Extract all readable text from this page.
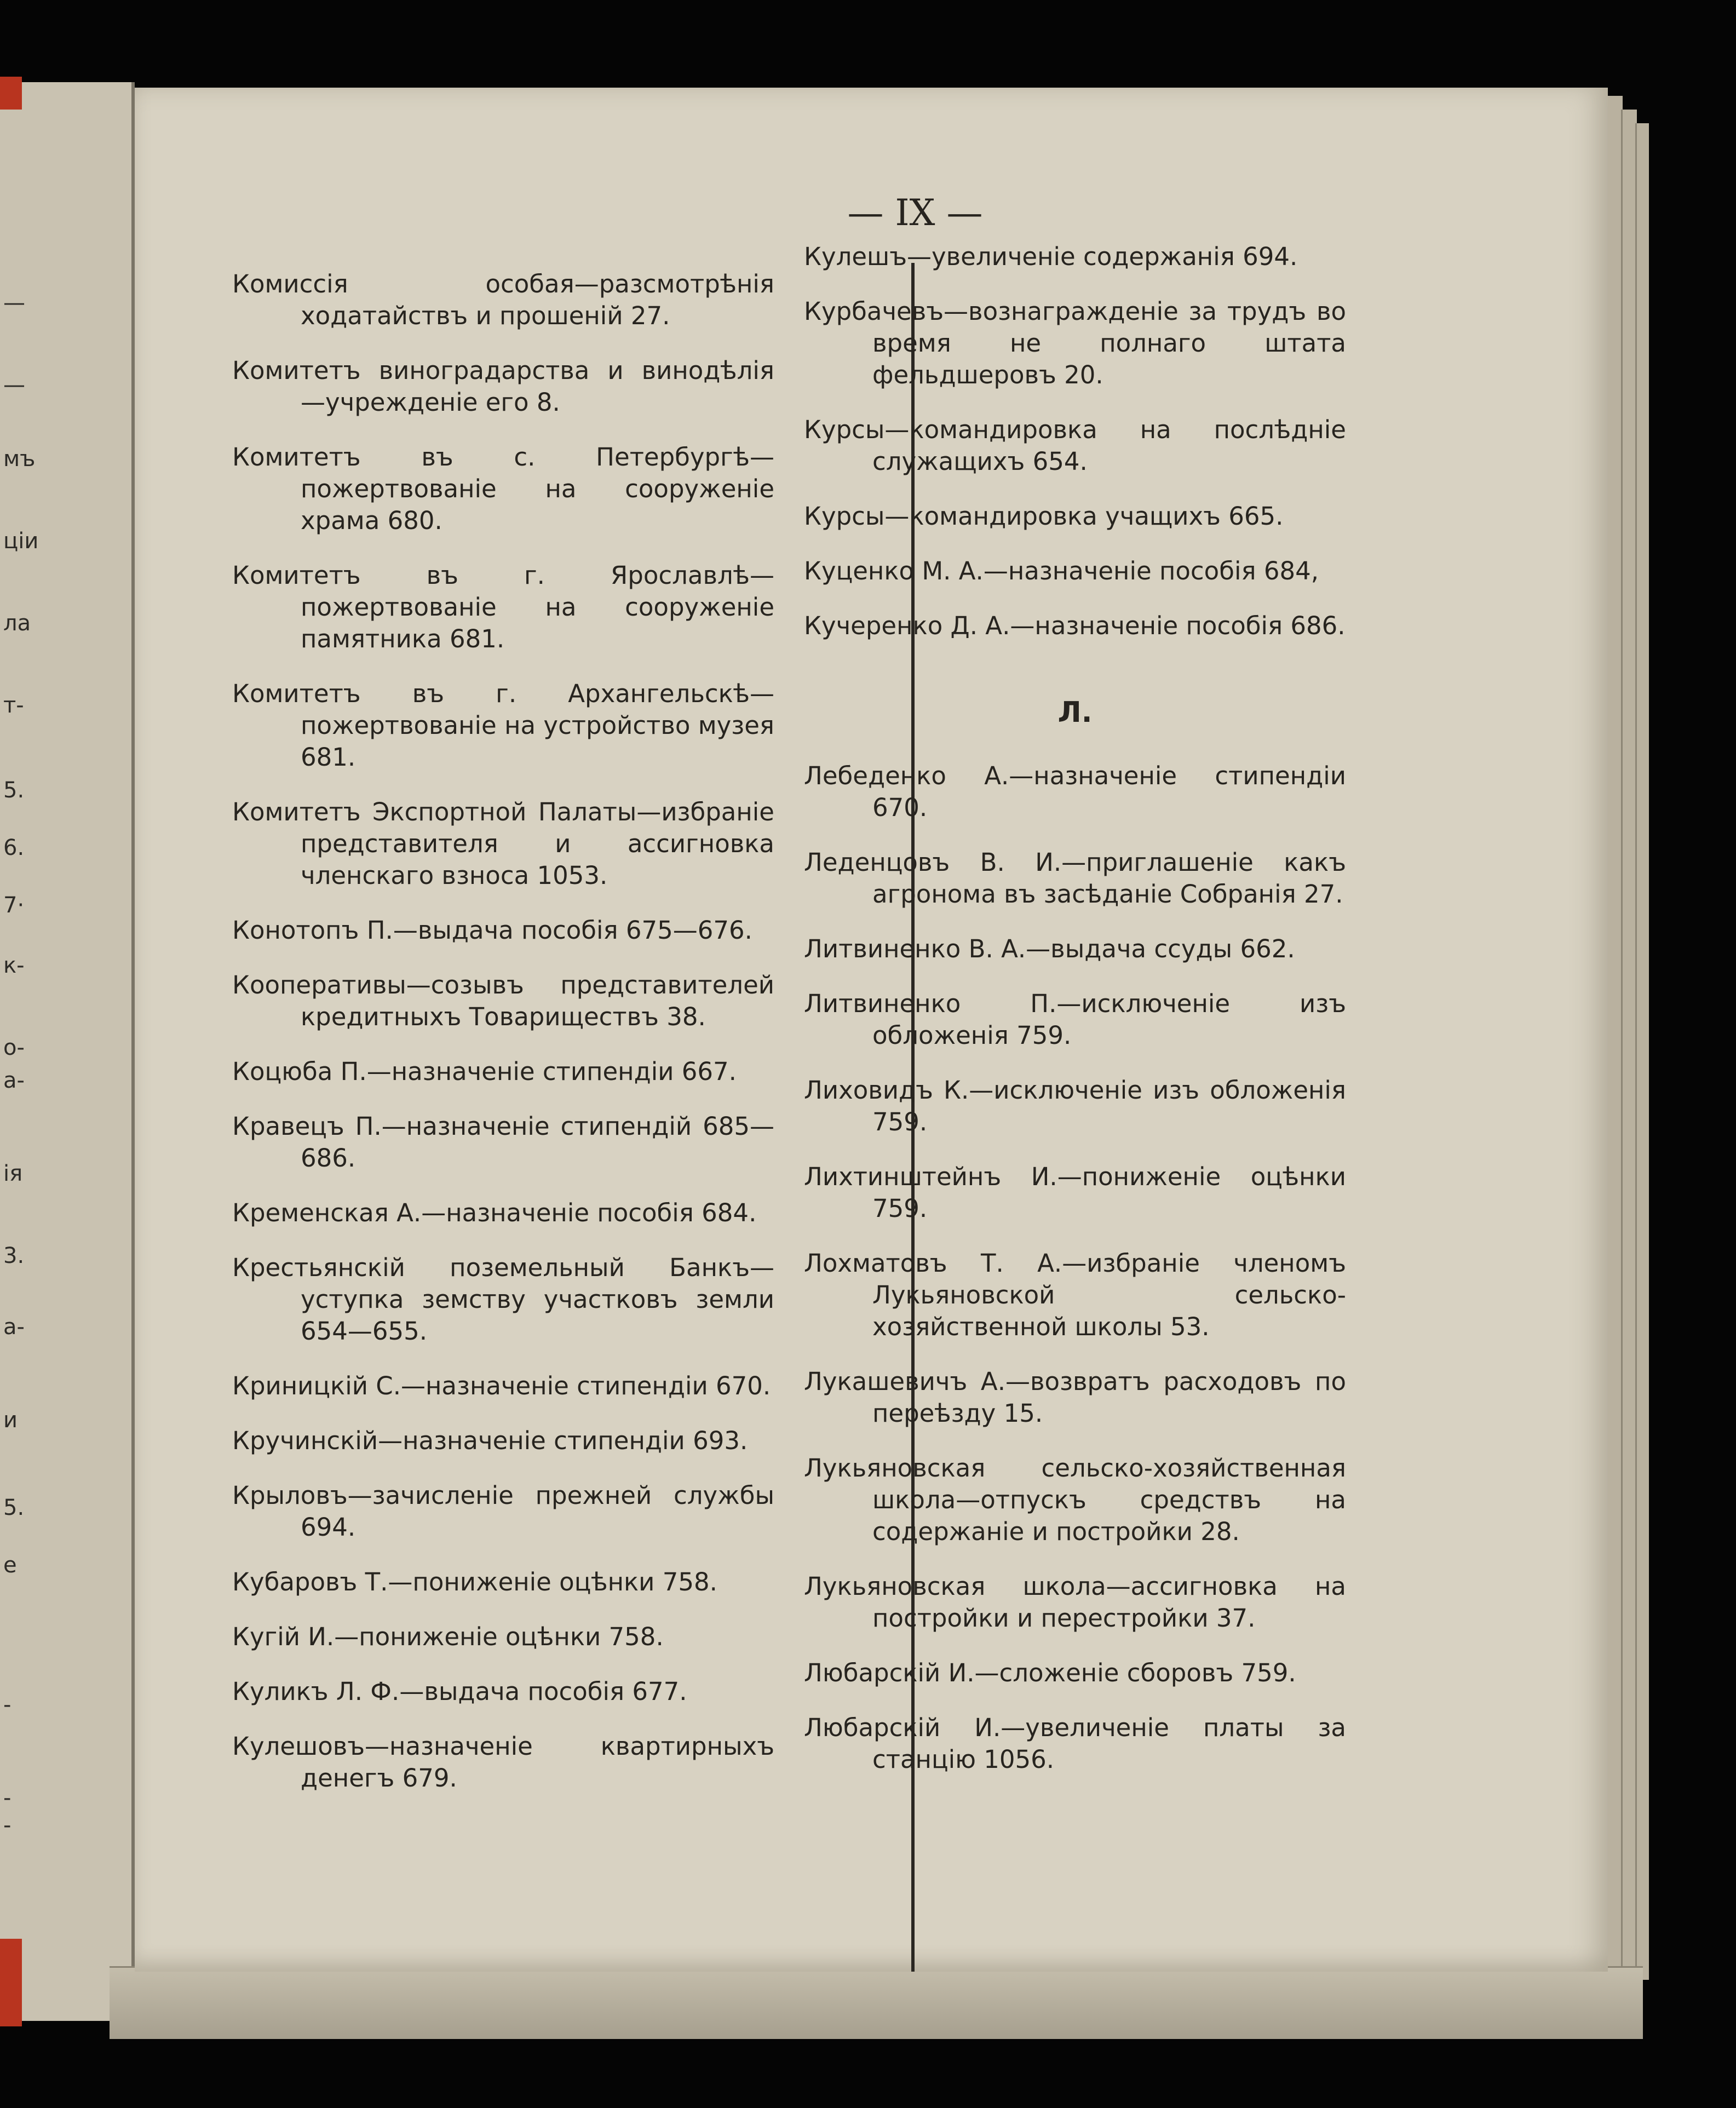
—
—
мъ
ціи
ла
т-
5.
6.
7·
к-
о-
а-
ія
3.
а-
и
5.
е
-
-
-
— IX —

Комиссія особая—разсмотрѣнія ходатайствъ и прошеній 27.

Комитетъ виноградарства и винодѣлія —учрежденіе его 8.

Комитетъ въ с. Петербургѣ—пожертвованіе на сооруженіе храма 680.

Комитетъ въ г. Ярославлѣ—пожертвованіе на сооруженіе памятника 681.

Комитетъ въ г. Архангельскѣ—пожертвованіе на устройство музея 681.

Комитетъ Экспортной Палаты—избраніе представителя и ассигновка членскаго взноса 1053.

Конотопъ П.—выдача пособія 675—676.

Кооперативы—созывъ представителей кредитныхъ Товариществъ 38.

Коцюба П.—назначеніе стипендіи 667.

Кравецъ П.—назначеніе стипендій 685—686.

Кременская А.—назначеніе пособія 684.

Крестьянскій поземельный Банкъ—уступка земству участковъ земли 654—655.

Криницкій С.—назначеніе стипендіи 670.

Кручинскій—назначеніе стипендіи 693.

Крыловъ—зачисленіе прежней службы 694.

Кубаровъ Т.—пониженіе оцѣнки 758.

Кугій И.—пониженіе оцѣнки 758.

Куликъ Л. Ф.—выдача пособія 677.

Кулешовъ—назначеніе квартирныхъ денегъ 679.

Кулешъ—увеличеніе содержанія 694.

Курбачевъ—вознагражденіе за трудъ во время не полнаго штата фельдшеровъ 20.

Курсы—командировка на послѣдніе служащихъ 654.

Курсы—командировка учащихъ 665.

Куценко М. А.—назначеніе пособія 684,

Кучеренко Д. А.—назначеніе пособія 686.

Л.

Лебеденко А.—назначеніе стипендіи 670.

Леденцовъ В. И.—приглашеніе какъ агронома въ засѣданіе Собранія 27.

Литвиненко В. А.—выдача ссуды 662.

Литвиненко П.—исключеніе изъ обложенія 759.

Лиховидъ К.—исключеніе изъ обложенія 759.

Лихтинштейнъ И.—пониженіе оцѣнки 759.

Лохматовъ Т. А.—избраніе членомъ Лукьяновской сельско-хозяйственной школы 53.

Лукашевичъ А.—возвратъ расходовъ по переѣзду 15.

Лукьяновская сельско-хозяйственная школа—отпускъ средствъ на содержаніе и постройки 28.

Лукьяновская школа—ассигновка на постройки и перестройки 37.

Любарскій И.—сложеніе сборовъ 759.

Любарскій И.—увеличеніе платы за станцію 1056.
